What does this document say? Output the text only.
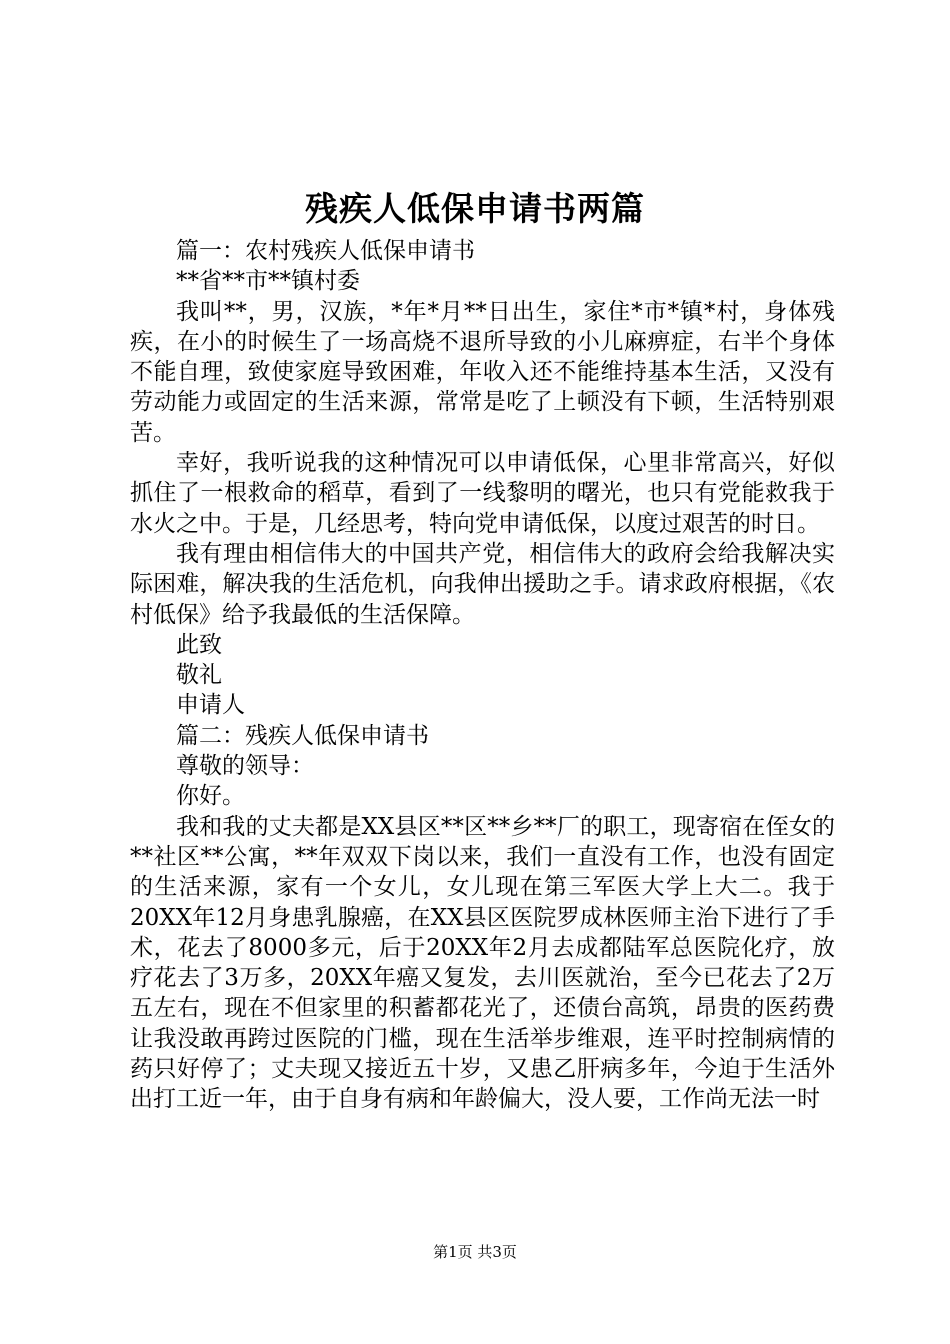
残疾人低保申请书两篇

篇一：农村残疾人低保申请书

**省**市**镇村委

我叫**，男，汉族，*年*月**日出生，家住*市*镇*村，身体残疾，在小的时候生了一场高烧不退所导致的小儿麻痹症，右半个身体不能自理，致使家庭导致困难，年收入还不能维持基本生活，又没有劳动能力或固定的生活来源，常常是吃了上顿没有下顿，生活特别艰苦。

幸好，我听说我的这种情况可以申请低保，心里非常高兴，好似抓住了一根救命的稻草，看到了一线黎明的曙光，也只有党能救我于水火之中。于是，几经思考，特向党申请低保，以度过艰苦的时日。

我有理由相信伟大的中国共产党，相信伟大的政府会给我解决实际困难，解决我的生活危机，向我伸出援助之手。请求政府根据，《农村低保》给予我最低的生活保障。

此致

敬礼

申请人

篇二：残疾人低保申请书

尊敬的领导：

你好。

我和我的丈夫都是XX县区**区**乡**厂的职工，现寄宿在侄女的**社区**公寓，**年双双下岗以来，我们一直没有工作，也没有固定的生活来源，家有一个女儿，女儿现在第三军医大学上大二。我于20XX年12月身患乳腺癌，在XX县区医院罗成林医师主治下进行了手术，花去了8000多元，后于20XX年2月去成都陆军总医院化疗，放疗花去了3万多，20XX年癌又复发，去川医就治，至今已花去了2万五左右，现在不但家里的积蓄都花光了，还债台高筑，昂贵的医药费让我没敢再跨过医院的门槛，现在生活举步维艰，连平时控制病情的药只好停了；丈夫现又接近五十岁，又患乙肝病多年，今迫于生活外出打工近一年，由于自身有病和年龄偏大，没人要，工作尚无法一时

第1页 共3页
